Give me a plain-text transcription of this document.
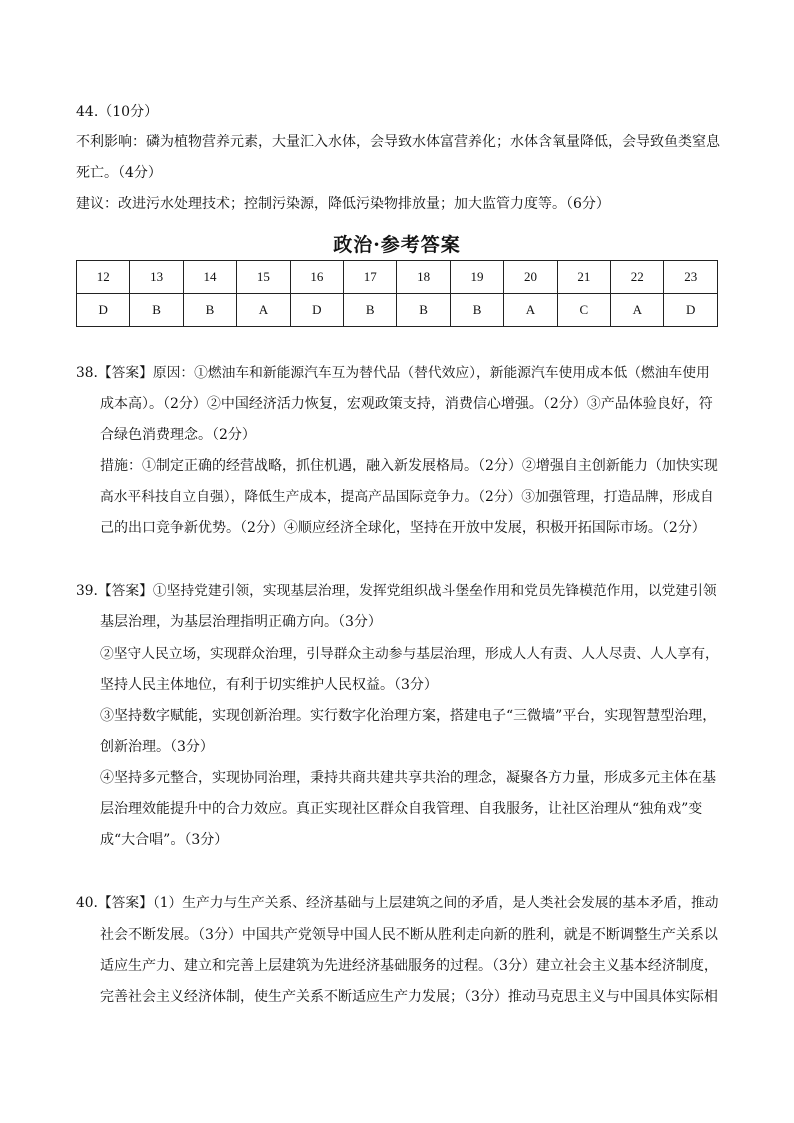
44.（10分）

不利影响：磷为植物营养元素，大量汇入水体，会导致水体富营养化；水体含氧量降低，会导致鱼类窒息

死亡。（4分）

建议：改进污水处理技术；控制污染源，降低污染物排放量；加大监管力度等。（6分）

政治·参考答案
12	13	14	15	16	17	18	19	20	21	22	23
D	B	B	A	D	B	B	B	A	C	A	D

38.【答案】原因：①燃油车和新能源汽车互为替代品（替代效应），新能源汽车使用成本低（燃油车使用

成本高）。（2分）②中国经济活力恢复，宏观政策支持，消费信心增强。（2分）③产品体验良好，符

合绿色消费理念。（2分）

措施：①制定正确的经营战略，抓住机遇，融入新发展格局。（2分）②增强自主创新能力（加快实现

高水平科技自立自强），降低生产成本，提高产品国际竞争力。（2分）③加强管理，打造品牌，形成自

己的出口竞争新优势。（2分）④顺应经济全球化，坚持在开放中发展，积极开拓国际市场。（2分）

39.【答案】①坚持党建引领，实现基层治理，发挥党组织战斗堡垒作用和党员先锋模范作用，以党建引领

基层治理，为基层治理指明正确方向。（3分）

②坚守人民立场，实现群众治理，引导群众主动参与基层治理，形成人人有责、人人尽责、人人享有，

坚持人民主体地位，有利于切实维护人民权益。（3分）

③坚持数字赋能，实现创新治理。实行数字化治理方案，搭建电子“三微墙”平台，实现智慧型治理，

创新治理。（3分）

④坚持多元整合，实现协同治理，秉持共商共建共享共治的理念，凝聚各方力量，形成多元主体在基

层治理效能提升中的合力效应。真正实现社区群众自我管理、自我服务，让社区治理从“独角戏”变

成“大合唱”。（3分）

40.【答案】（1）生产力与生产关系、经济基础与上层建筑之间的矛盾，是人类社会发展的基本矛盾，推动

社会不断发展。（3分）中国共产党领导中国人民不断从胜利走向新的胜利，就是不断调整生产关系以

适应生产力、建立和完善上层建筑为先进经济基础服务的过程。（3分）建立社会主义基本经济制度，

完善社会主义经济体制，使生产关系不断适应生产力发展；（3分）推动马克思主义与中国具体实际相
